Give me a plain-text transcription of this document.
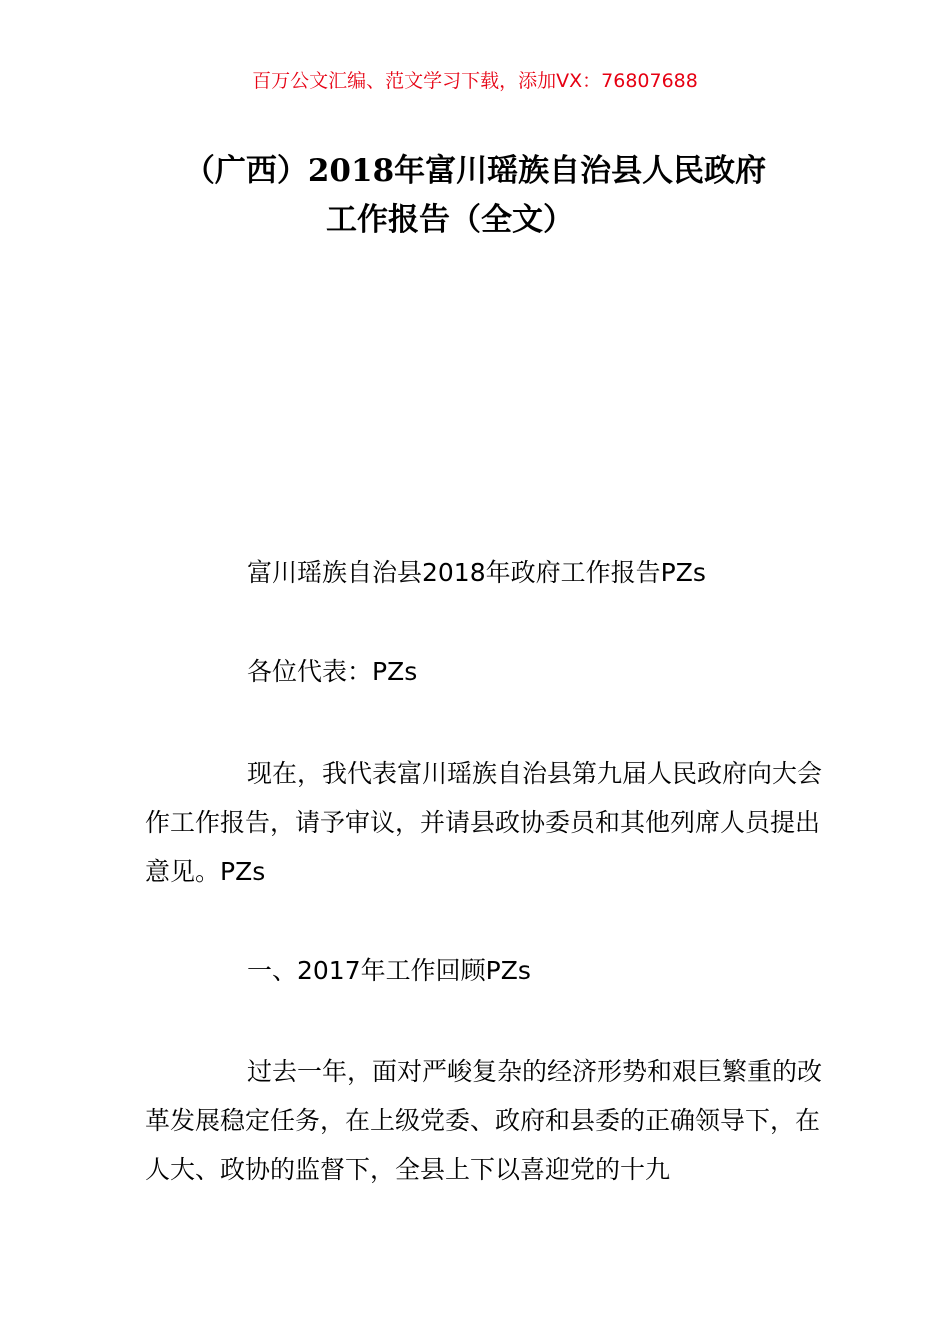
百万公文汇编、范文学习下载，添加VX：76807688
（广西）2018年富川瑶族自治县人民政府
工作报告（全文）
富川瑶族自治县2018年政府工作报告PZs
各位代表：PZs
现在，我代表富川瑶族自治县第九届人民政府向大会作工作报告，请予审议，并请县政协委员和其他列席人员提出意见。PZs
一、2017年工作回顾PZs
过去一年，面对严峻复杂的经济形势和艰巨繁重的改革发展稳定任务，在上级党委、政府和县委的正确领导下，在人大、政协的监督下，全县上下以喜迎党的十九
